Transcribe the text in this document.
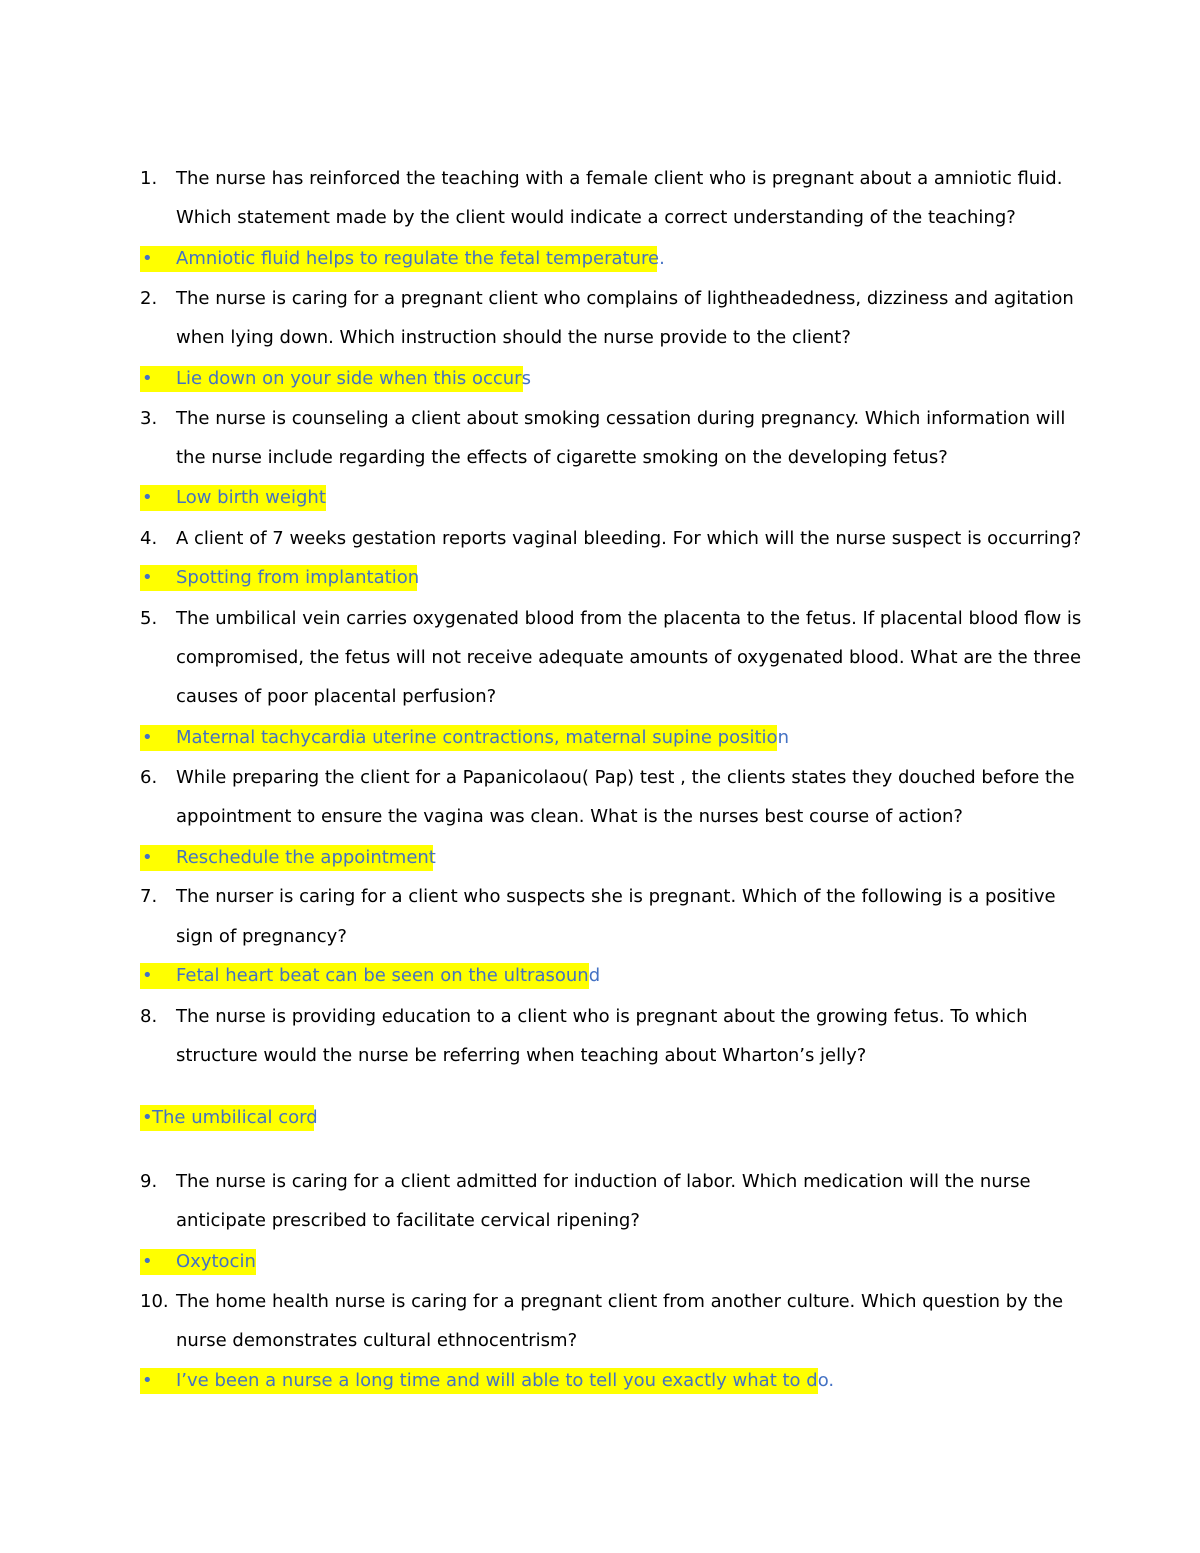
1.	The nurse has reinforced the teaching with a female client who is pregnant about a amniotic fluid.
Which statement made by the client would indicate a correct understanding of the teaching?
•	Amniotic fluid helps to regulate the fetal temperature.
2.	The nurse is caring for a pregnant client who complains of lightheadedness, dizziness and agitation
when lying down. Which instruction should the nurse provide to the client?
•	Lie down on your side when this occurs
3.	The nurse is counseling a client about smoking cessation during pregnancy. Which information will
the nurse include regarding the effects of cigarette smoking on the developing fetus?
•	Low birth weight
4.	A client of 7 weeks gestation reports vaginal bleeding. For which will the nurse suspect is occurring?
•	Spotting from implantation
5.	The umbilical vein carries oxygenated blood from the placenta to the fetus. If placental blood flow is
compromised, the fetus will not receive adequate amounts of oxygenated blood. What are the three
causes of poor placental perfusion?
•	Maternal tachycardia uterine contractions, maternal supine position
6.	While preparing the client for a Papanicolaou( Pap) test , the clients states they douched before the
appointment to ensure the vagina was clean. What is the nurses best course of action?
•	Reschedule the appointment
7.	The nurser is caring for a client who suspects she is pregnant. Which of the following is a positive
sign of pregnancy?
•	Fetal heart beat can be seen on the ultrasound
8.	The nurse is providing education to a client who is pregnant about the growing fetus. To which
structure would the nurse be referring when teaching about Wharton’s jelly?
• The umbilical cord
9.	The nurse is caring for a client admitted for induction of labor. Which medication will the nurse
anticipate prescribed to facilitate cervical ripening?
•	Oxytocin
10. The home health nurse is caring for a pregnant client from another culture. Which question by the
nurse demonstrates cultural ethnocentrism?
•	I’ve been a nurse a long time and will able to tell you exactly what to do.
